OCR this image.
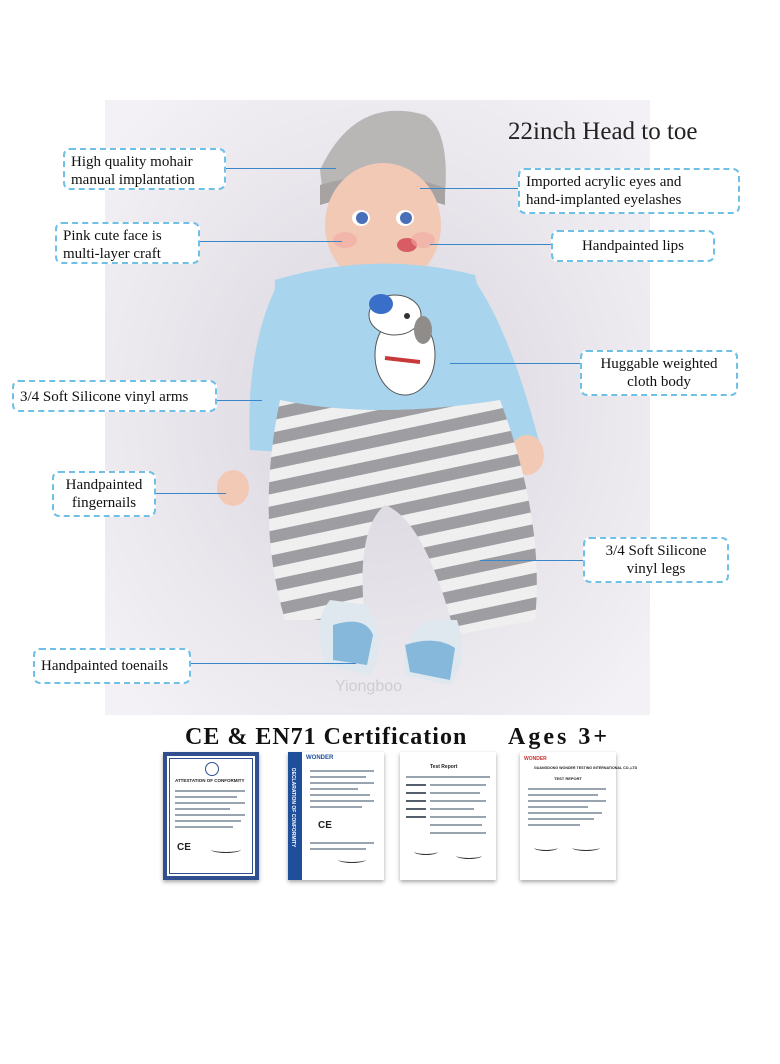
Yiongboo
22inch Head to toe
High quality mohair
manual implantation
Pink cute face is
multi-layer craft
3/4 Soft Silicone vinyl arms
Handpainted
fingernails
Handpainted toenails
Imported acrylic eyes and
hand-implanted eyelashes
Handpainted lips
Huggable weighted
cloth body
3/4 Soft Silicone
vinyl legs
CE & EN71 Certification Ages 3+
ATTESTATION OF CONFORMITY
CE
DECLARATION OF CONFORMITY
WONDER
CE
Test Report
WONDER
GUANGDONG WONDER TESTING INTERNATIONAL CO.,LTD
TEST REPORT
